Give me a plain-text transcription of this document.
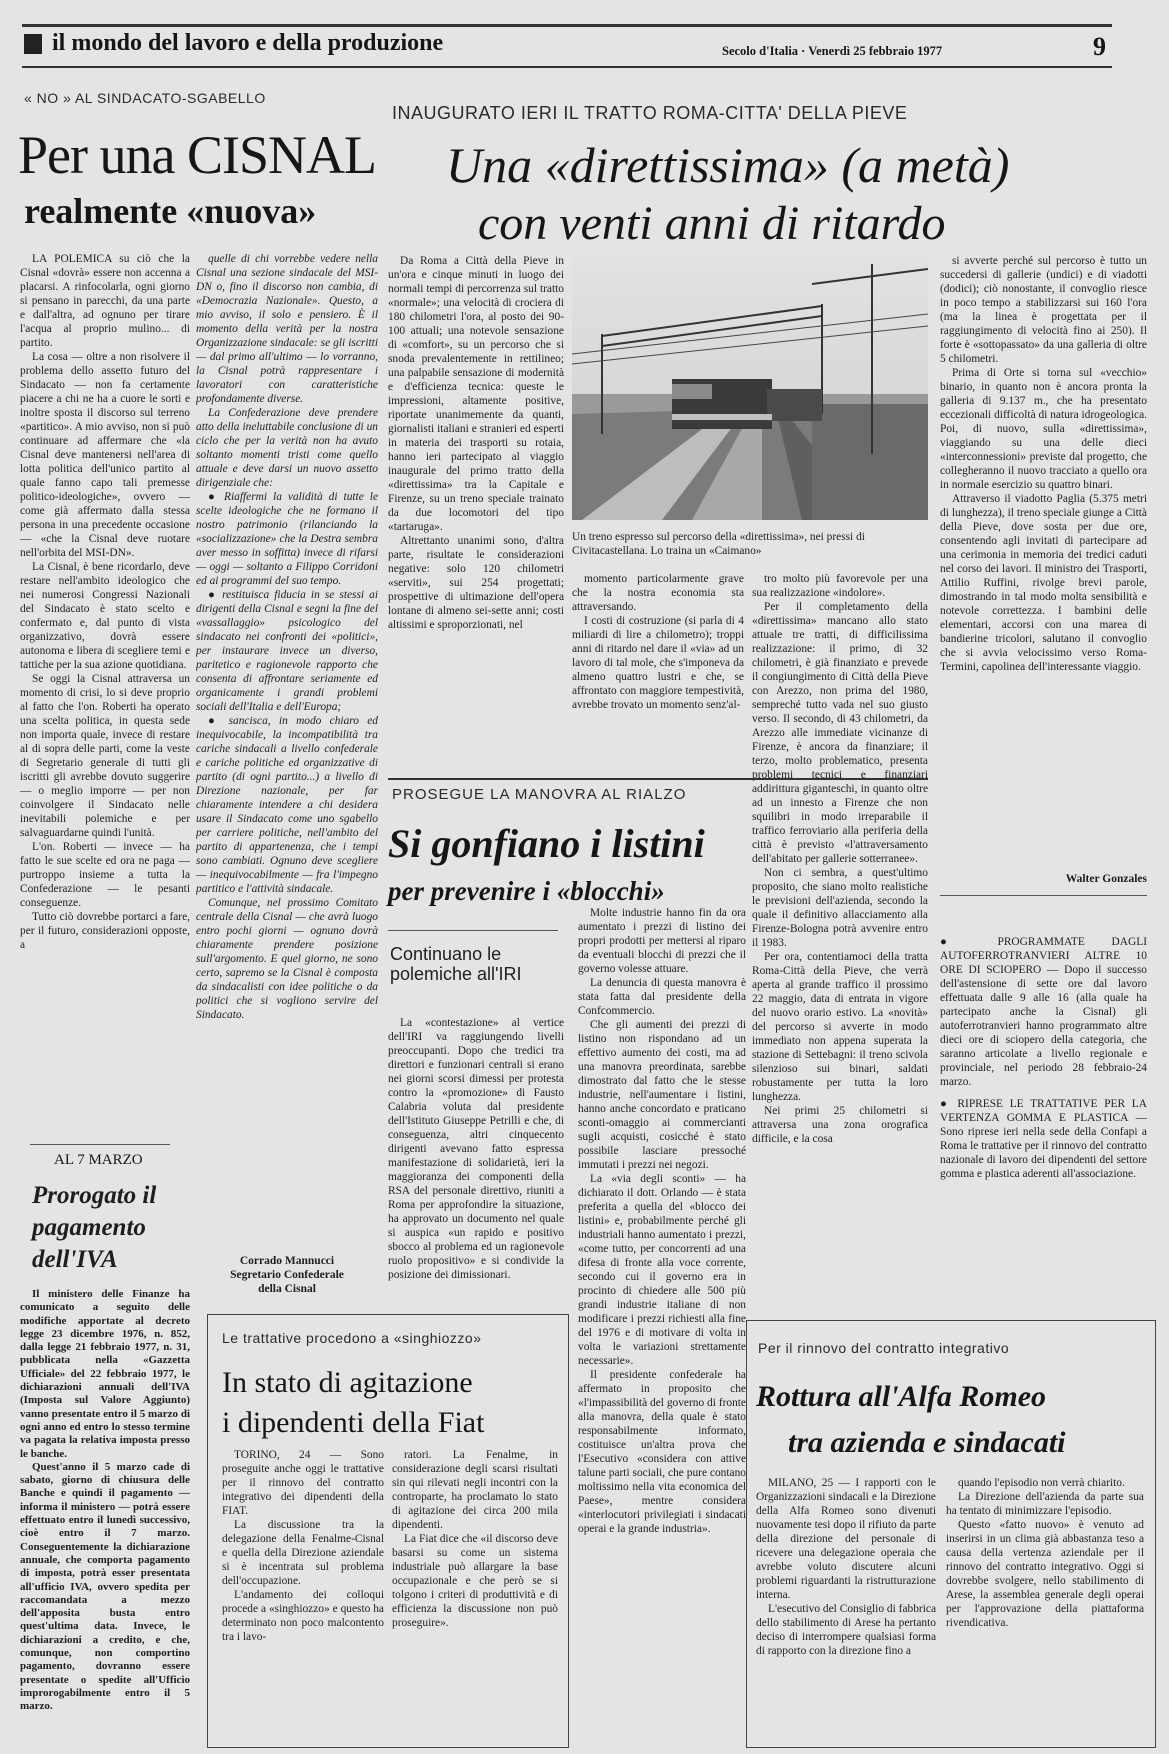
il mondo del lavoro e della produzione	Secolo d'Italia · Venerdì 25 febbraio 1977	9
« NO » AL SINDACATO-SGABELLO
Per una CISNAL
realmente «nuova»

LA POLEMICA su ciò che la Cisnal «dovrà» essere non accenna a placarsi. A rinfocolarla, ogni giorno si pensano in parecchi, da una parte e dall'altra, ad ognuno per tirare l'acqua al proprio mulino... di partito.

La cosa — oltre a non risolvere il problema dello assetto futuro del Sindacato — non fa certamente piacere a chi ne ha a cuore le sorti e inoltre sposta il discorso sul terreno «partitico». A mio avviso, non si può continuare ad affermare che «la Cisnal deve mantenersi nell'area di lotta politica dell'unico partito al quale fanno capo tali premesse politico-ideologiche», ovvero — come già affermato dalla stessa persona in una precedente occasione — «che la Cisnal deve ruotare nell'orbita del MSI-DN».

La Cisnal, è bene ricordarlo, deve restare nell'ambito ideologico che nei numerosi Congressi Nazionali del Sindacato è stato scelto e confermato e, dal punto di vista organizzativo, dovrà essere autonoma e libera di scegliere temi e tattiche per la sua azione quotidiana.

Se oggi la Cisnal attraversa un momento di crisi, lo si deve proprio al fatto che l'on. Roberti ha operato una scelta politica, in questa sede non importa quale, invece di restare al di sopra delle parti, come la veste di Segretario generale di tutti gli iscritti gli avrebbe dovuto suggerire — o meglio imporre — per non coinvolgere il Sindacato nelle inevitabili polemiche e per salvaguardarne quindi l'unità.

L'on. Roberti — invece — ha fatto le sue scelte ed ora ne paga — purtroppo insieme a tutta la Confederazione — le pesanti conseguenze.

Tutto ciò dovrebbe portarci a fare, per il futuro, considerazioni opposte, a

quelle di chi vorrebbe vedere nella Cisnal una sezione sindacale del MSI-DN o, fino il discorso non cambia, di «Democrazia Nazionale». Questo, a mio avviso, il solo e pensiero. È il momento della verità per la nostra Organizzazione sindacale: se gli iscritti — dal primo all'ultimo — lo vorranno, la Cisnal potrà rappresentare i lavoratori con caratteristiche profondamente diverse.

La Confederazione deve prendere atto della ineluttabile conclusione di un ciclo che per la verità non ha avuto soltanto momenti tristi come quello attuale e deve darsi un nuovo assetto dirigenziale che:

● Riaffermi la validità di tutte le scelte ideologiche che ne formano il nostro patrimonio (rilanciando la «socializzazione» che la Destra sembra aver messo in soffitta) invece di rifarsi — oggi — soltanto a Filippo Corridoni ed ai programmi del suo tempo.

● restituisca fiducia in se stessi ai dirigenti della Cisnal e segni la fine del «vassallaggio» psicologico del sindacato nei confronti dei «politici», per instaurare invece un diverso, paritetico e ragionevole rapporto che consenta di affrontare seriamente ed organicamente i grandi problemi sociali dell'Italia e dell'Europa;

● sancisca, in modo chiaro ed inequivocabile, la incompatibilità tra cariche sindacali a livello confederale e cariche politiche ed organizzative di partito (di ogni partito...) a livello di Direzione nazionale, per far chiaramente intendere a chi desidera usare il Sindacato come uno sgabello per carriere politiche, nell'ambito del partito di appartenenza, che i tempi sono cambiati. Ognuno deve scegliere — inequivocabilmente — fra l'impegno partitico e l'attività sindacale.

Comunque, nel prossimo Comitato centrale della Cisnal — che avrà luogo entro pochi giorni — ognuno dovrà chiaramente prendere posizione sull'argomento. E quel giorno, ne sono certo, sapremo se la Cisnal è composta da sindacalisti con idee politiche o da politici che si vogliono servire del Sindacato.

Corrado Mannucci
Segretario Confederale
della Cisnal
INAUGURATO IERI IL TRATTO ROMA-CITTA' DELLA PIEVE
Una «direttissima» (a metà)
con venti anni di ritardo

Da Roma a Città della Pieve in un'ora e cinque minuti in luogo dei normali tempi di percorrenza sul tratto «normale»; una velocità di crociera di 180 chilometri l'ora, al posto dei 90-100 attuali; una notevole sensazione di «comfort», su un percorso che si snoda prevalentemente in rettilineo; una palpabile sensazione di modernità e d'efficienza tecnica: queste le impressioni, altamente positive, riportate unanimemente da quanti, giornalisti italiani e stranieri ed esperti in materia dei trasporti su rotaia, hanno ieri partecipato al viaggio inaugurale del primo tratto della «direttissima» tra la Capitale e Firenze, su un treno speciale trainato da due locomotori del tipo «tartaruga».

Altrettanto unanimi sono, d'altra parte, risultate le considerazioni negative: solo 120 chilometri «serviti», sui 254 progettati; prospettive di ultimazione dell'opera lontane di almeno sei-sette anni; costi altissimi e sproporzionati, nel

Un treno espresso sul percorso della «direttissima», nei pressi di Civitacastellana. Lo traina un «Caimano»

momento particolarmente grave che la nostra economia sta attraversando.

I costi di costruzione (si parla di 4 miliardi di lire a chilometro); troppi anni di ritardo nel dare il «via» ad un lavoro di tal mole, che s'imponeva da almeno quattro lustri e che, se affrontato con maggiore tempestività, avrebbe trovato un momento senz'al-

tro molto più favorevole per una sua realizzazione «indolore».

Per il completamento della «direttissima» mancano allo stato attuale tre tratti, di difficilissima realizzazione: il primo, di 32 chilometri, è già finanziato e prevede il congiungimento di Città della Pieve con Arezzo, non prima del 1980, sempreché tutto vada nel suo giusto verso. Il secondo, di 43 chilometri, da Arezzo alle immediate vicinanze di Firenze, è ancora da finanziare; il terzo, molto problematico, presenta problemi tecnici e finanziari addirittura giganteschi, in quanto oltre ad un innesto a Firenze che non squilibri in modo irreparabile il traffico ferroviario alla periferia della città è previsto «l'attraversamento dell'abitato per gallerie sotterranee».

Non ci sembra, a quest'ultimo proposito, che siano molto realistiche le previsioni dell'azienda, secondo la quale il definitivo allacciamento alla Firenze-Bologna potrà avvenire entro il 1983.

Per ora, contentiamoci della tratta Roma-Città della Pieve, che verrà aperta al grande traffico il prossimo 22 maggio, data di entrata in vigore del nuovo orario estivo. La «novità» del percorso si avverte in modo immediato non appena superata la stazione di Settebagni: il treno scivola silenzioso sui binari, saldati robustamente per tutta la loro lunghezza.

Nei primi 25 chilometri si attraversa una zona orografica difficile, e la cosa

si avverte perché sul percorso è tutto un succedersi di gallerie (undici) e di viadotti (dodici); ciò nonostante, il convoglio riesce in poco tempo a stabilizzarsi sui 160 l'ora (ma la linea è progettata per il raggiungimento di velocità fino ai 250). Il forte è «sottopassato» da una galleria di oltre 5 chilometri.

Prima di Orte si torna sul «vecchio» binario, in quanto non è ancora pronta la galleria di 9.137 m., che ha presentato eccezionali difficoltà di natura idrogeologica. Poi, di nuovo, sulla «direttissima», viaggiando su una delle dieci «interconnessioni» previste dal progetto, che collegheranno il nuovo tracciato a quello ora in normale esercizio su quattro binari.

Attraverso il viadotto Paglia (5.375 metri di lunghezza), il treno speciale giunge a Città della Pieve, dove sosta per due ore, consentendo agli invitati di partecipare ad una cerimonia in memoria dei tredici caduti nel corso dei lavori. Il ministro dei Trasporti, Attilio Ruffini, rivolge brevi parole, dimostrando in tal modo molta sensibilità e notevole correttezza. I bambini delle elementari, accorsi con una marea di bandierine tricolori, salutano il convoglio che si avvia velocissimo verso Roma-Termini, capolinea dell'interessante viaggio.

Walter Gonzales

● PROGRAMMATE DAGLI AUTOFERROTRANVIERI ALTRE 10 ORE DI SCIOPERO — Dopo il successo dell'astensione di sette ore dal lavoro effettuata dalle 9 alle 16 (alla quale ha partecipato anche la Cisnal) gli autoferrotranvieri hanno programmato altre dieci ore di sciopero della categoria, che saranno articolate a livello regionale e provinciale, nel periodo 28 febbraio-24 marzo.

● RIPRESE LE TRATTATIVE PER LA VERTENZA GOMMA E PLASTICA — Sono riprese ieri nella sede della Confapi a Roma le trattative per il rinnovo del contratto nazionale di lavoro dei dipendenti del settore gomma e plastica aderenti all'associazione.

PROSEGUE LA MANOVRA AL RIALZO
Si gonfiano i listini
per prevenire i «blocchi»
Continuano le polemiche all'IRI

La «contestazione» al vertice dell'IRI va raggiungendo livelli preoccupanti. Dopo che tredici tra direttori e funzionari centrali si erano nei giorni scorsi dimessi per protesta contro la «promozione» di Fausto Calabria voluta dal presidente dell'Istituto Giuseppe Petrilli e che, di conseguenza, altri cinquecento dirigenti avevano fatto espressa manifestazione di solidarietà, ieri la maggioranza dei componenti della RSA del personale direttivo, riuniti a Roma per approfondire la situazione, ha approvato un documento nel quale si auspica «un rapido e positivo sbocco al problema ed un ragionevole ruolo propositivo» e si condivide la posizione dei dimissionari.

Molte industrie hanno fin da ora aumentato i prezzi di listino dei propri prodotti per mettersi al riparo da eventuali blocchi di prezzi che il governo volesse attuare.

La denuncia di questa manovra è stata fatta dal presidente della Confcommercio.

Che gli aumenti dei prezzi di listino non rispondano ad un effettivo aumento dei costi, ma ad una manovra preordinata, sarebbe dimostrato dal fatto che le stesse industrie, nell'aumentare i listini, hanno anche concordato e praticano sconti-omaggio ai commercianti sugli acquisti, cosicché è stato possibile lasciare pressoché immutati i prezzi nei negozi.

La «via degli sconti» — ha dichiarato il dott. Orlando — è stata preferita a quella del «blocco dei listini» e, probabilmente perché gli industriali hanno aumentato i prezzi, «come tutto, per concorrenti ad una difesa di fronte alla voce corrente, secondo cui il governo era in procinto di chiedere alle 500 più grandi industrie italiane di non modificare i prezzi richiesti alla fine del 1976 e di motivare di volta in volta le variazioni strettamente necessarie».

Il presidente confederale ha affermato in proposito che «l'impassibilità del governo di fronte alla manovra, della quale è stato responsabilmente informato, costituisce un'altra prova che l'Esecutivo «considera con attive talune parti sociali, che pure contano moltissimo nella vita economica del Paese», mentre considera «interlocutori privilegiati i sindacati operai e la grande industria».

AL 7 MARZO
Prorogato il pagamento dell'IVA

Il ministero delle Finanze ha comunicato a seguito delle modifiche apportate al decreto legge 23 dicembre 1976, n. 852, dalla legge 21 febbraio 1977, n. 31, pubblicata nella «Gazzetta Ufficiale» del 22 febbraio 1977, le dichiarazioni annuali dell'IVA (Imposta sul Valore Aggiunto) vanno presentate entro il 5 marzo di ogni anno ed entro lo stesso termine va pagata la relativa imposta presso le banche.

Quest'anno il 5 marzo cade di sabato, giorno di chiusura delle Banche e quindi il pagamento — informa il ministero — potrà essere effettuato entro il lunedì successivo, cioè entro il 7 marzo. Conseguentemente la dichiarazione annuale, che comporta pagamento di imposta, potrà esser presentata all'ufficio IVA, ovvero spedita per raccomandata a mezzo dell'apposita busta entro quest'ultima data. Invece, le dichiarazioni a credito, e che, comunque, non comportino pagamento, dovranno essere presentate o spedite all'Ufficio improrogabilmente entro il 5 marzo.

Le trattative procedono a «singhiozzo»
In stato di agitazione
i dipendenti della Fiat

TORINO, 24 — Sono proseguite anche oggi le trattative per il rinnovo del contratto integrativo dei dipendenti della FIAT.

La discussione tra la delegazione della Fenalme-Cisnal e quella della Direzione aziendale si è incentrata sul problema dell'occupazione.

L'andamento dei colloqui procede a «singhiozzo» e questo ha determinato non poco malcontento tra i lavo-

ratori. La Fenalme, in considerazione degli scarsi risultati sin qui rilevati negli incontri con la controparte, ha proclamato lo stato di agitazione dei circa 200 mila dipendenti.

La Fiat dice che «il discorso deve basarsi su come un sistema industriale può allargare la base occupazionale e che però se si tolgono i criteri di produttività e di efficienza la discussione non può proseguire».

Per il rinnovo del contratto integrativo
Rottura all'Alfa Romeo
tra azienda e sindacati

MILANO, 25 — I rapporti con le Organizzazioni sindacali e la Direzione della Alfa Romeo sono divenuti nuovamente tesi dopo il rifiuto da parte della direzione del personale di ricevere una delegazione operaia che avrebbe voluto discutere alcuni problemi riguardanti la ristrutturazione interna.

L'esecutivo del Consiglio di fabbrica dello stabilimento di Arese ha pertanto deciso di interrompere qualsiasi forma di rapporto con la direzione fino a

quando l'episodio non verrà chiarito.

La Direzione dell'azienda da parte sua ha tentato di minimizzare l'episodio.

Questo «fatto nuovo» è venuto ad inserirsi in un clima già abbastanza teso a causa della vertenza aziendale per il rinnovo del contratto integrativo. Oggi si dovrebbe svolgere, nello stabilimento di Arese, la assemblea generale degli operai per l'approvazione della piattaforma rivendicativa.
